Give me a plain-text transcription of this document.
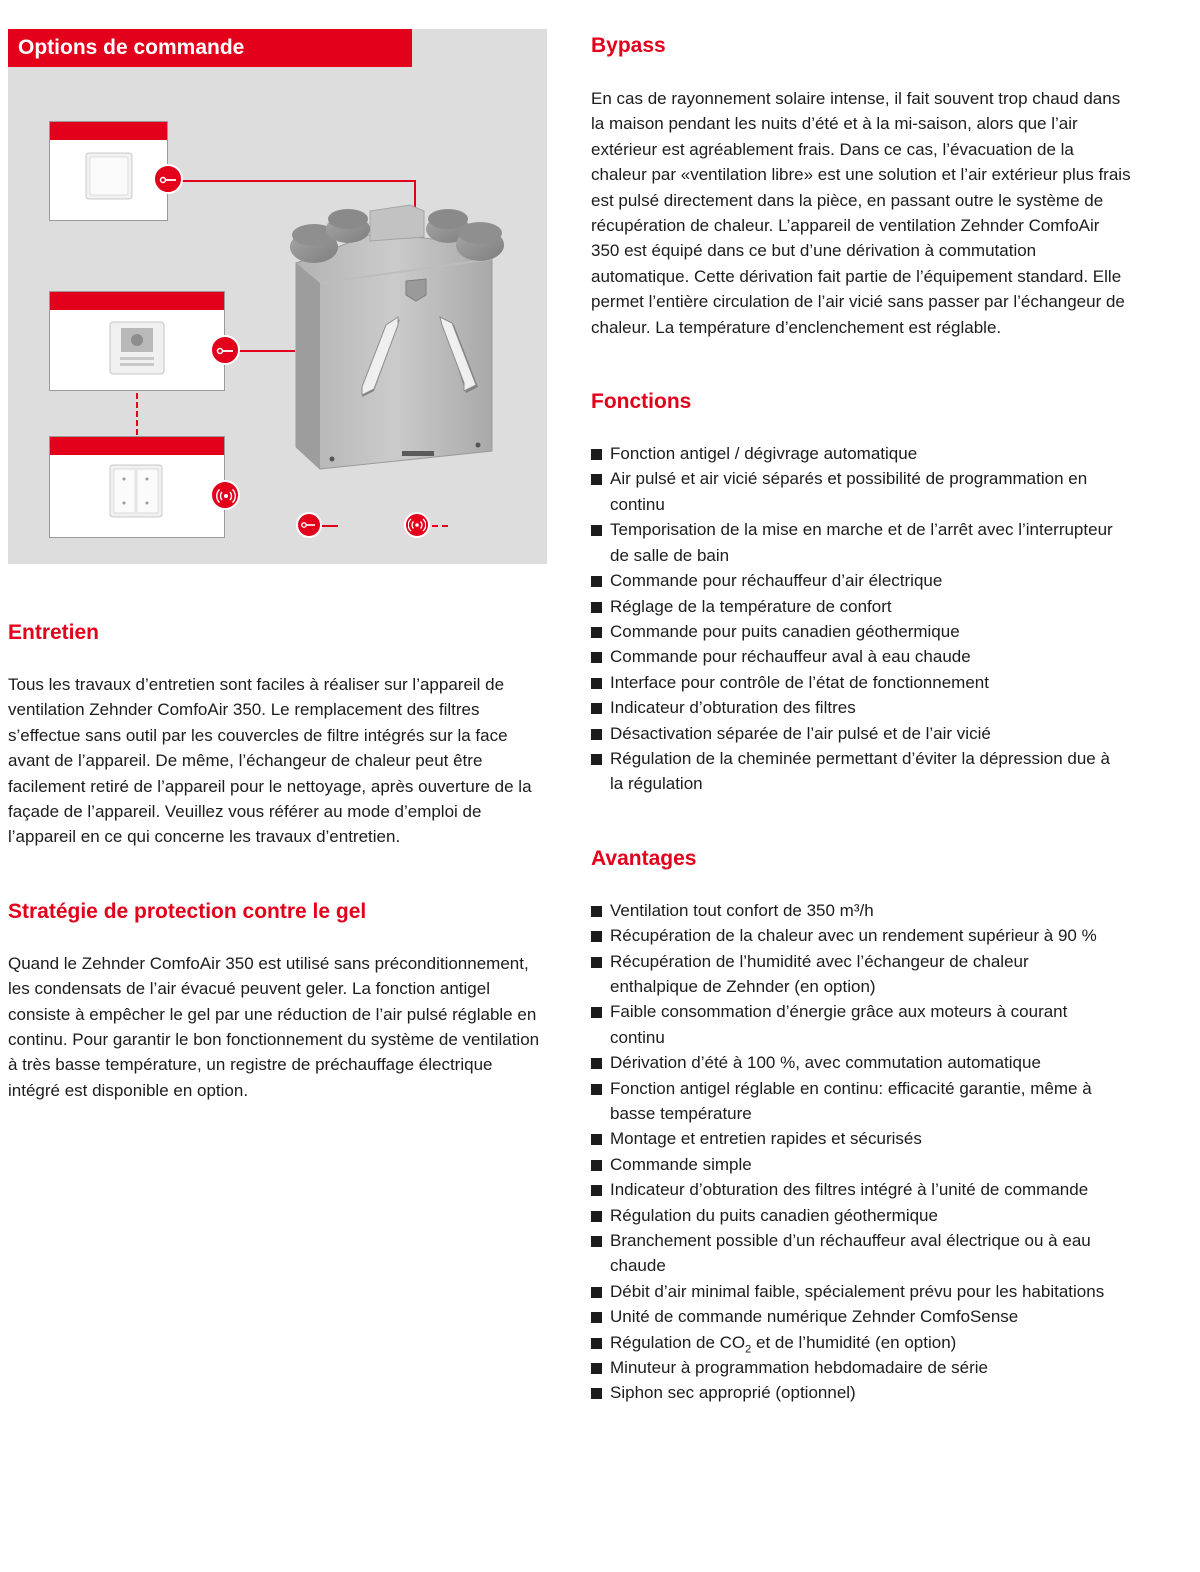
Options de commande
Entretien

Tous les travaux d’entretien sont faciles à réaliser sur l’appareil de ventilation Zehnder ComfoAir 350. Le remplacement des filtres s’effectue sans outil par les couvercles de filtre intégrés sur la face avant de l’appareil. De même, l’échangeur de chaleur peut être facilement retiré de l’appareil pour le nettoyage, après ouverture de la façade de l’appareil. Veuillez vous référer au mode d’emploi de l’appareil en ce qui concerne les travaux d’entretien.

Stratégie de protection contre le gel

Quand le Zehnder ComfoAir 350 est utilisé sans préconditionnement, les condensats de l’air évacué peuvent geler. La fonction antigel consiste à empêcher le gel par une réduction de l’air pulsé réglable en continu. Pour garantir le bon fonctionnement du système de ventilation à très basse température, un registre de préchauffage électrique intégré est disponible en option.

Bypass

En cas de rayonnement solaire intense, il fait souvent trop chaud dans la maison pendant les nuits d’été et à la mi-saison, alors que l’air extérieur est agréablement frais. Dans ce cas, l’évacuation de la chaleur par «ventilation libre» est une solution et l’air extérieur plus frais est pulsé directement dans la pièce, en passant outre le système de récupération de chaleur. L’appareil de ventilation Zehnder ComfoAir 350 est équipé dans ce but d’une dérivation à commutation automatique. Cette dérivation fait partie de l’équipement standard. Elle permet l’entière circulation de l’air vicié sans passer par l’échangeur de chaleur. La température d’enclenchement est réglable.

Fonctions
Fonction antigel / dégivrage automatique
Air pulsé et air vicié séparés et possibilité de programmation en continu
Temporisation de la mise en marche et de l’arrêt avec l’interrupteur de salle de bain
Commande pour réchauffeur d’air électrique
Réglage de la température de confort
Commande pour puits canadien géothermique
Commande pour réchauffeur aval à eau chaude
Interface pour contrôle de l’état de fonctionnement
Indicateur d’obturation des filtres
Désactivation séparée de l’air pulsé et de l’air vicié
Régulation de la cheminée permettant d’éviter la dépression due à la régulation
Avantages
Ventilation tout confort de 350 m³/h
Récupération de la chaleur avec un rendement supérieur à 90 %
Récupération de l’humidité avec l’échangeur de chaleur enthalpique de Zehnder (en option)
Faible consommation d’énergie grâce aux moteurs à courant continu
Dérivation d’été à 100 %, avec commutation automatique
Fonction antigel réglable en continu: efficacité garantie, même à basse température
Montage et entretien rapides et sécurisés
Commande simple
Indicateur d’obturation des filtres intégré à l’unité de commande
Régulation du puits canadien géothermique
Branchement possible d’un réchauffeur aval électrique ou à eau chaude
Débit d’air minimal faible, spécialement prévu pour les habitations
Unité de commande numérique Zehnder ComfoSense
Régulation de $CO_2$ et de l’humidité (en option)
Minuteur à programmation hebdomadaire de série
Siphon sec approprié (optionnel)
